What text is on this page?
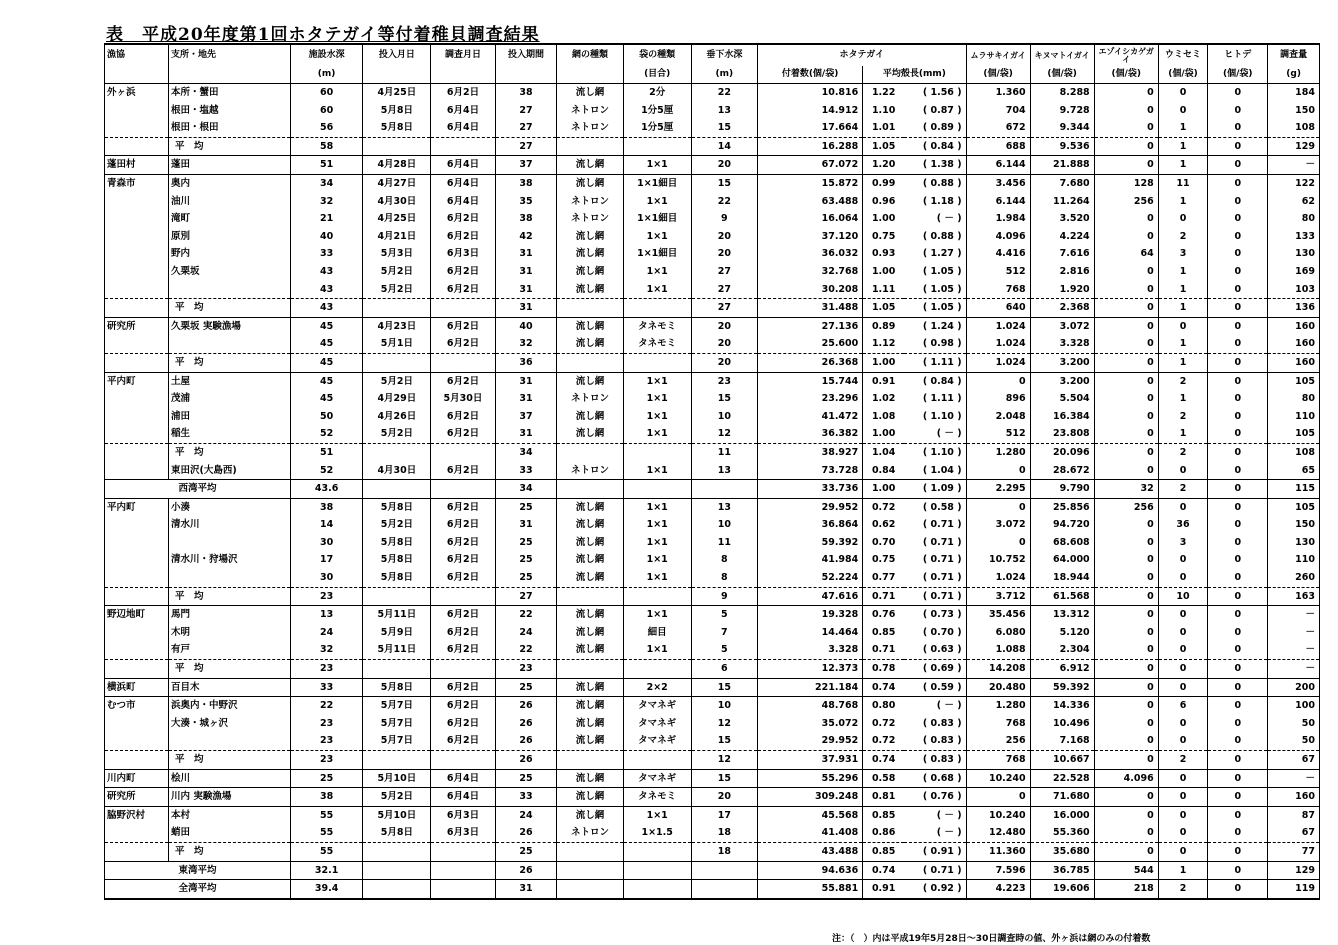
表　平成20年度第1回ホタテガイ等付着稚貝調査結果
漁協	支所・地先	施設水深	投入月日	調査月日	投入期間	網の種類	袋の種類	垂下水深	ホタテガイ			ムラサキイガイ	キヌマトイガイ	エゾイシカゲガイ	ウミセミ	ヒトデ	調査量
		(m)					(目合)	(m)	付着数(個/袋)	平均殻長(mm)		(個/袋)	(個/袋)	(個/袋)	(個/袋)	(個/袋)	(g)
外ヶ浜	本所・蟹田	60	4月25日	6月2日	38	流し網	2分	22	10.816	1.22	( 1.56 )	1.360	8.288	0	0	0	184
	根田・塩越	60	5月8日	6月4日	27	ネトロン	1分5厘	13	14.912	1.10	( 0.87 )	704	9.728	0	0	0	150
	根田・根田	56	5月8日	6月4日	27	ネトロン	1分5厘	15	17.664	1.01	( 0.89 )	672	9.344	0	1	0	108
	平　均	58			27			14	16.288	1.05	( 0.84 )	688	9.536	0	1	0	129
蓬田村	蓬田	51	4月28日	6月4日	37	流し網	1×1	20	67.072	1.20	( 1.38 )	6.144	21.888	0	1	0	－
青森市	奥内	34	4月27日	6月4日	38	流し網	1×1細目	15	15.872	0.99	( 0.88 )	3.456	7.680	128	11	0	122
	油川	32	4月30日	6月4日	35	ネトロン	1×1	22	63.488	0.96	( 1.18 )	6.144	11.264	256	1	0	62
	滝町	21	4月25日	6月2日	38	ネトロン	1×1細目	9	16.064	1.00	( － )	1.984	3.520	0	0	0	80
	原別	40	4月21日	6月2日	42	流し網	1×1	20	37.120	0.75	( 0.88 )	4.096	4.224	0	2	0	133
	野内	33	5月3日	6月3日	31	流し網	1×1細目	20	36.032	0.93	( 1.27 )	4.416	7.616	64	3	0	130
	久栗坂	43	5月2日	6月2日	31	流し網	1×1	27	32.768	1.00	( 1.05 )	512	2.816	0	1	0	169
		43	5月2日	6月2日	31	流し網	1×1	27	30.208	1.11	( 1.05 )	768	1.920	0	1	0	103
	平　均	43			31			27	31.488	1.05	( 1.05 )	640	2.368	0	1	0	136
研究所	久栗坂 実験漁場	45	4月23日	6月2日	40	流し網	タネモミ	20	27.136	0.89	( 1.24 )	1.024	3.072	0	0	0	160
		45	5月1日	6月2日	32	流し網	タネモミ	20	25.600	1.12	( 0.98 )	1.024	3.328	0	1	0	160
	平　均	45			36			20	26.368	1.00	( 1.11 )	1.024	3.200	0	1	0	160
平内町	土屋	45	5月2日	6月2日	31	流し網	1×1	23	15.744	0.91	( 0.84 )	0	3.200	0	2	0	105
	茂浦	45	4月29日	5月30日	31	ネトロン	1×1	15	23.296	1.02	( 1.11 )	896	5.504	0	1	0	80
	浦田	50	4月26日	6月2日	37	流し網	1×1	10	41.472	1.08	( 1.10 )	2.048	16.384	0	2	0	110
	稲生	52	5月2日	6月2日	31	流し網	1×1	12	36.382	1.00	( － )	512	23.808	0	1	0	105
	平　均	51			34			11	38.927	1.04	( 1.10 )	1.280	20.096	0	2	0	108
	東田沢(大島西)	52	4月30日	6月2日	33	ネトロン	1×1	13	73.728	0.84	( 1.04 )	0	28.672	0	0	0	65
西湾平均		43.6			34				33.736	1.00	( 1.09 )	2.295	9.790	32	2	0	115
平内町	小湊	38	5月8日	6月2日	25	流し網	1×1	13	29.952	0.72	( 0.58 )	0	25.856	256	0	0	105
	清水川	14	5月2日	6月2日	31	流し網	1×1	10	36.864	0.62	( 0.71 )	3.072	94.720	0	36	0	150
		30	5月8日	6月2日	25	流し網	1×1	11	59.392	0.70	( 0.71 )	0	68.608	0	3	0	130
	清水川・狩場沢	17	5月8日	6月2日	25	流し網	1×1	8	41.984	0.75	( 0.71 )	10.752	64.000	0	0	0	110
		30	5月8日	6月2日	25	流し網	1×1	8	52.224	0.77	( 0.71 )	1.024	18.944	0	0	0	260
	平　均	23			27			9	47.616	0.71	( 0.71 )	3.712	61.568	0	10	0	163
野辺地町	馬門	13	5月11日	6月2日	22	流し網	1×1	5	19.328	0.76	( 0.73 )	35.456	13.312	0	0	0	－
	木明	24	5月9日	6月2日	24	流し網	細目	7	14.464	0.85	( 0.70 )	6.080	5.120	0	0	0	－
	有戸	32	5月11日	6月2日	22	流し網	1×1	5	3.328	0.71	( 0.63 )	1.088	2.304	0	0	0	－
	平　均	23			23			6	12.373	0.78	( 0.69 )	14.208	6.912	0	0	0	－
横浜町	百目木	33	5月8日	6月2日	25	流し網	2×2	15	221.184	0.74	( 0.59 )	20.480	59.392	0	0	0	200
むつ市	浜奥内・中野沢	22	5月7日	6月2日	26	流し網	タマネギ	10	48.768	0.80	( － )	1.280	14.336	0	6	0	100
	大湊・城ヶ沢	23	5月7日	6月2日	26	流し網	タマネギ	12	35.072	0.72	( 0.83 )	768	10.496	0	0	0	50
		23	5月7日	6月2日	26	流し網	タマネギ	15	29.952	0.72	( 0.83 )	256	7.168	0	0	0	50
	平　均	23			26			12	37.931	0.74	( 0.83 )	768	10.667	0	2	0	67
川内町	桧川	25	5月10日	6月4日	25	流し網	タマネギ	15	55.296	0.58	( 0.68 )	10.240	22.528	4.096	0	0	－
研究所	川内 実験漁場	38	5月2日	6月4日	33	流し網	タネモミ	20	309.248	0.81	( 0.76 )	0	71.680	0	0	0	160
脇野沢村	本村	55	5月10日	6月3日	24	流し網	1×1	17	45.568	0.85	( － )	10.240	16.000	0	0	0	87
	蛸田	55	5月8日	6月3日	26	ネトロン	1×1.5	18	41.408	0.86	( － )	12.480	55.360	0	0	0	67
	平　均	55			25			18	43.488	0.85	( 0.91 )	11.360	35.680	0	0	0	77
東湾平均		32.1			26				94.636	0.74	( 0.71 )	7.596	36.785	544	1	0	129
全湾平均		39.4			31				55.881	0.91	( 0.92 )	4.223	19.606	218	2	0	119
注：（　）内は平成19年5月28日～30日調査時の値、外ヶ浜は網のみの付着数
